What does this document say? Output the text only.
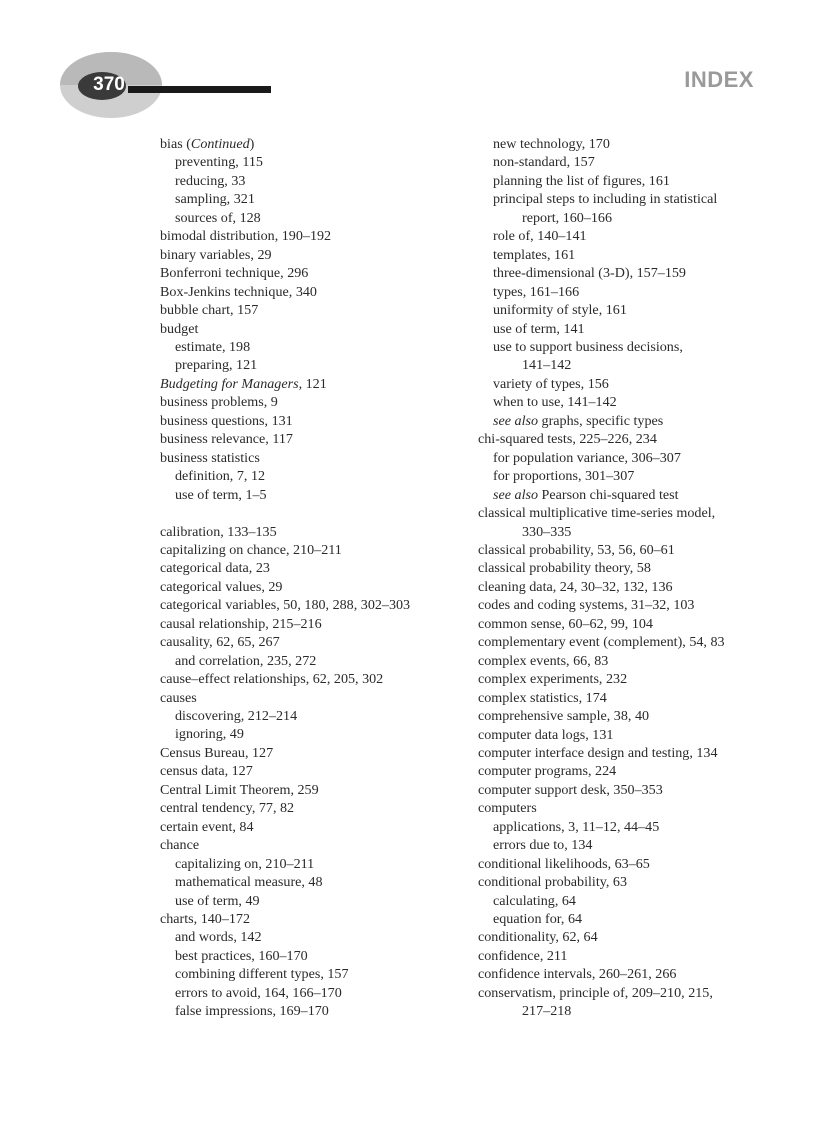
370	INDEX
bias (Continued)
preventing, 115
reducing, 33
sampling, 321
sources of, 128
bimodal distribution, 190–192
binary variables, 29
Bonferroni technique, 296
Box-Jenkins technique, 340
bubble chart, 157
budget
estimate, 198
preparing, 121
Budgeting for Managers, 121
business problems, 9
business questions, 131
business relevance, 117
business statistics
definition, 7, 12
use of term, 1–5
calibration, 133–135
capitalizing on chance, 210–211
categorical data, 23
categorical values, 29
categorical variables, 50, 180, 288, 302–303
causal relationship, 215–216
causality, 62, 65, 267
and correlation, 235, 272
cause–effect relationships, 62, 205, 302
causes
discovering, 212–214
ignoring, 49
Census Bureau, 127
census data, 127
Central Limit Theorem, 259
central tendency, 77, 82
certain event, 84
chance
capitalizing on, 210–211
mathematical measure, 48
use of term, 49
charts, 140–172
and words, 142
best practices, 160–170
combining different types, 157
errors to avoid, 164, 166–170
false impressions, 169–170
new technology, 170
non-standard, 157
planning the list of figures, 161
principal steps to including in statistical
report, 160–166
role of, 140–141
templates, 161
three-dimensional (3-D), 157–159
types, 161–166
uniformity of style, 161
use of term, 141
use to support business decisions,
141–142
variety of types, 156
when to use, 141–142
see also graphs, specific types
chi-squared tests, 225–226, 234
for population variance, 306–307
for proportions, 301–307
see also Pearson chi-squared test
classical multiplicative time-series model,
330–335
classical probability, 53, 56, 60–61
classical probability theory, 58
cleaning data, 24, 30–32, 132, 136
codes and coding systems, 31–32, 103
common sense, 60–62, 99, 104
complementary event (complement), 54, 83
complex events, 66, 83
complex experiments, 232
complex statistics, 174
comprehensive sample, 38, 40
computer data logs, 131
computer interface design and testing, 134
computer programs, 224
computer support desk, 350–353
computers
applications, 3, 11–12, 44–45
errors due to, 134
conditional likelihoods, 63–65
conditional probability, 63
calculating, 64
equation for, 64
conditionality, 62, 64
confidence, 211
confidence intervals, 260–261, 266
conservatism, principle of, 209–210, 215,
217–218
